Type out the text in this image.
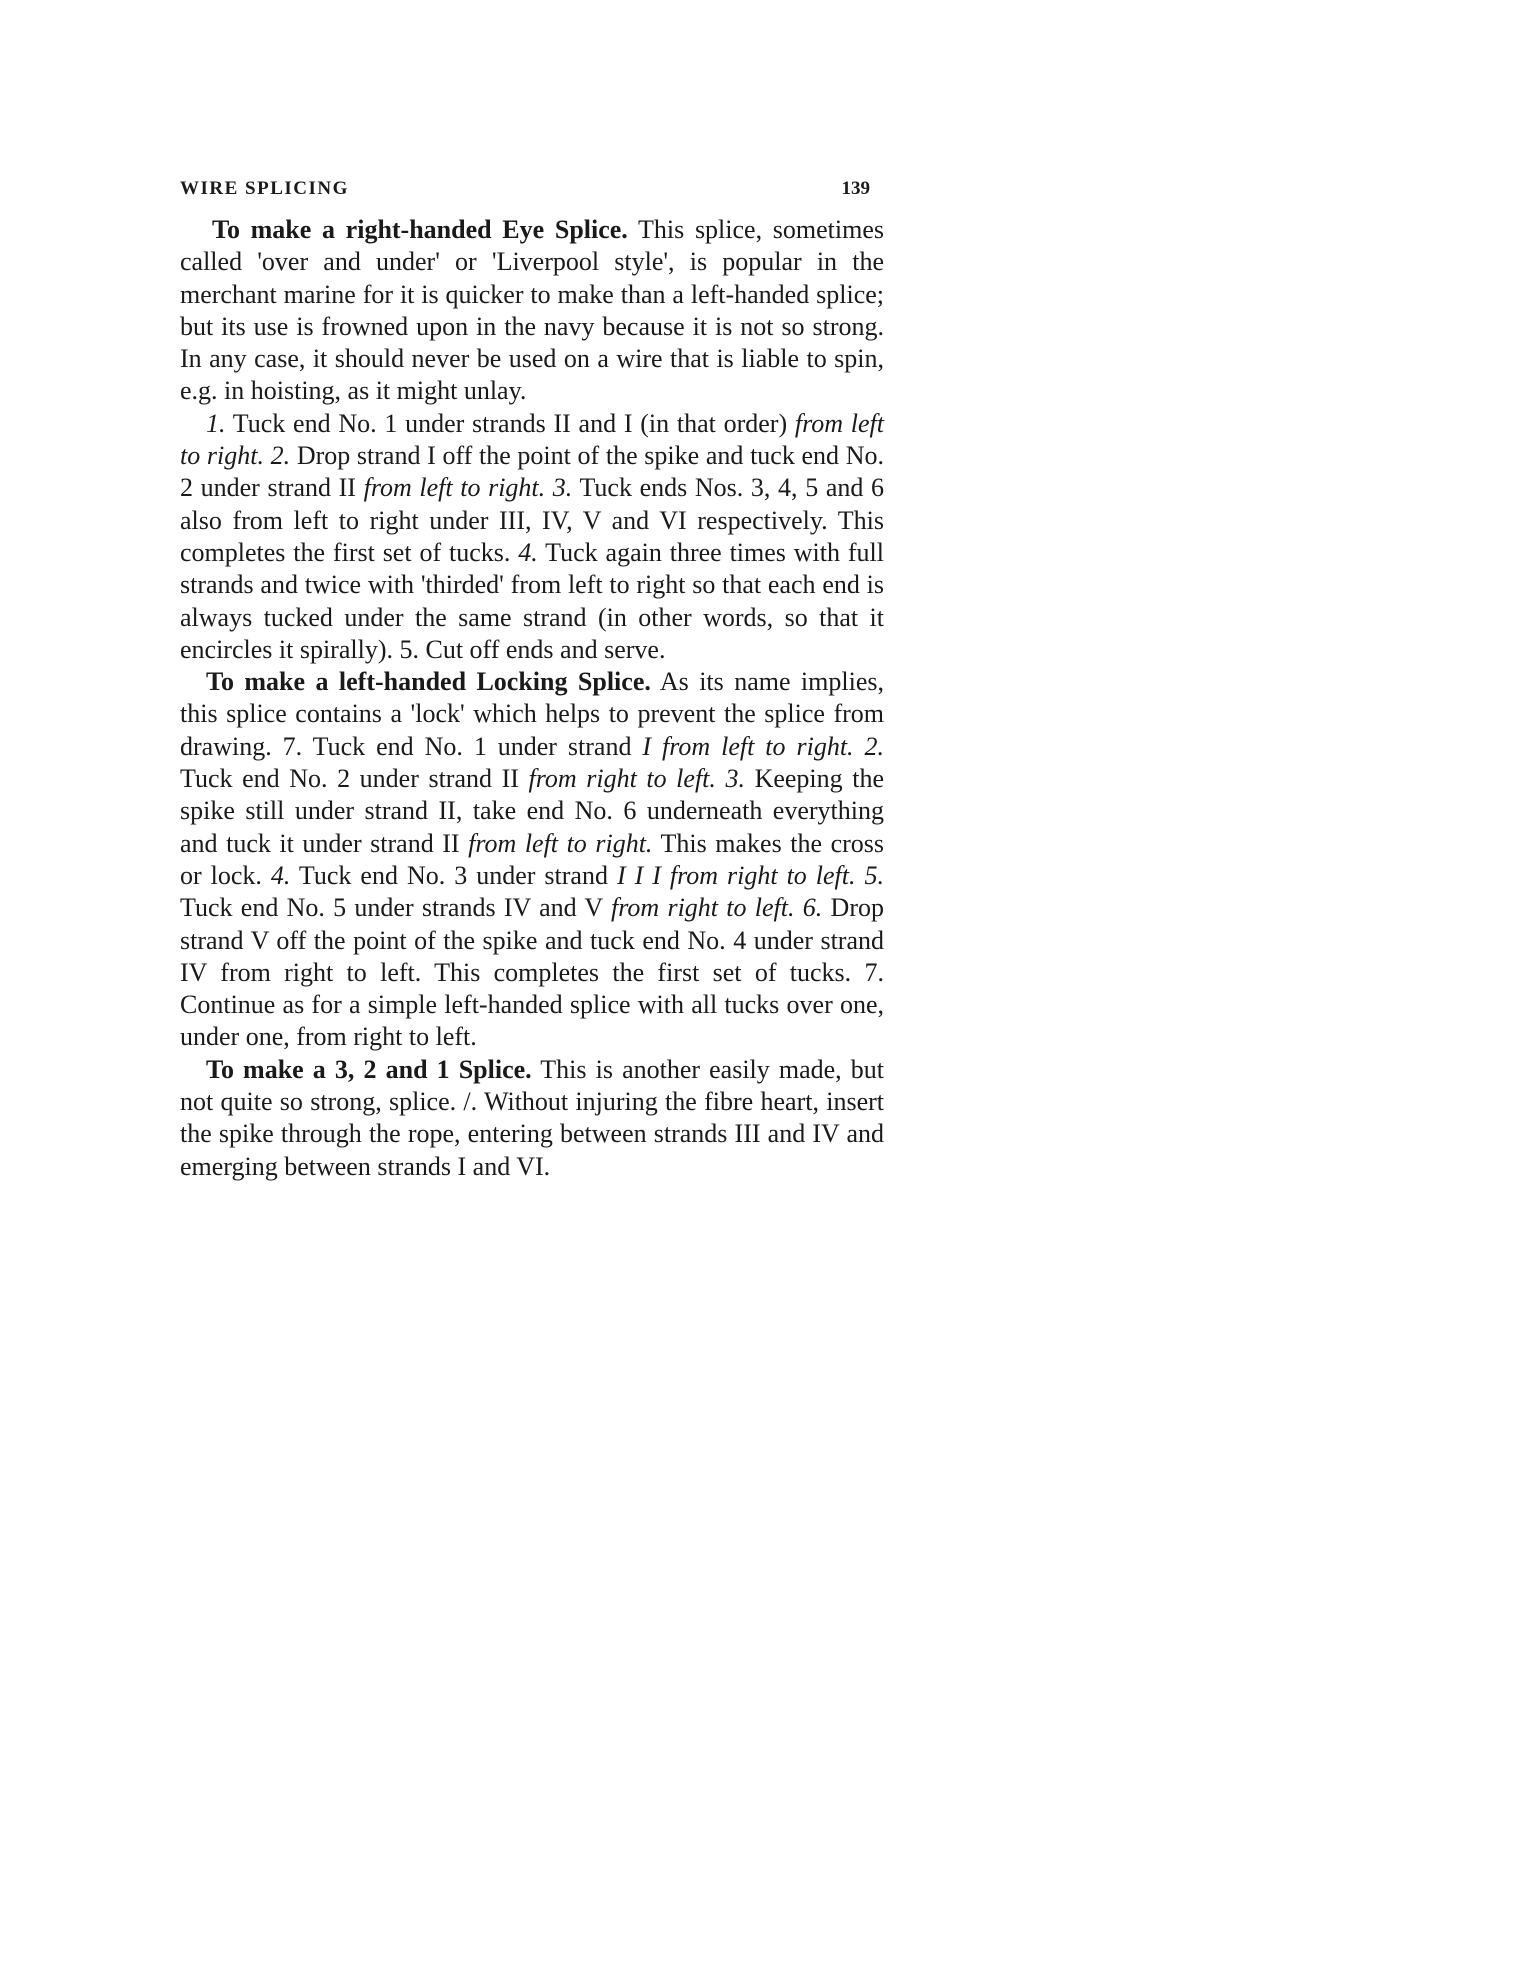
WIRE SPLICING	139

To make a right-handed Eye Splice. This splice, sometimes called 'over and under' or 'Liverpool style', is popular in the merchant marine for it is quicker to make than a left-handed splice; but its use is frowned upon in the navy because it is not so strong. In any case, it should never be used on a wire that is liable to spin, e.g. in hoisting, as it might unlay.

1. Tuck end No. 1 under strands II and I (in that order) from left to right. 2. Drop strand I off the point of the spike and tuck end No. 2 under strand II from left to right. 3. Tuck ends Nos. 3, 4, 5 and 6 also from left to right under III, IV, V and VI respectively. This completes the first set of tucks. 4. Tuck again three times with full strands and twice with 'thirded' from left to right so that each end is always tucked under the same strand (in other words, so that it encircles it spirally). 5. Cut off ends and serve.

To make a left-handed Locking Splice. As its name implies, this splice contains a 'lock' which helps to prevent the splice from drawing. 7. Tuck end No. 1 under strand I from left to right. 2. Tuck end No. 2 under strand II from right to left. 3. Keeping the spike still under strand II, take end No. 6 underneath everything and tuck it under strand II from left to right. This makes the cross or lock. 4. Tuck end No. 3 under strand I I I from right to left. 5. Tuck end No. 5 under strands IV and V from right to left. 6. Drop strand V off the point of the spike and tuck end No. 4 under strand IV from right to left. This completes the first set of tucks. 7. Continue as for a simple left-handed splice with all tucks over one, under one, from right to left.

To make a 3, 2 and 1 Splice. This is another easily made, but not quite so strong, splice. /. Without injuring the fibre heart, insert the spike through the rope, entering between strands III and IV and emerging between strands I and VI.
